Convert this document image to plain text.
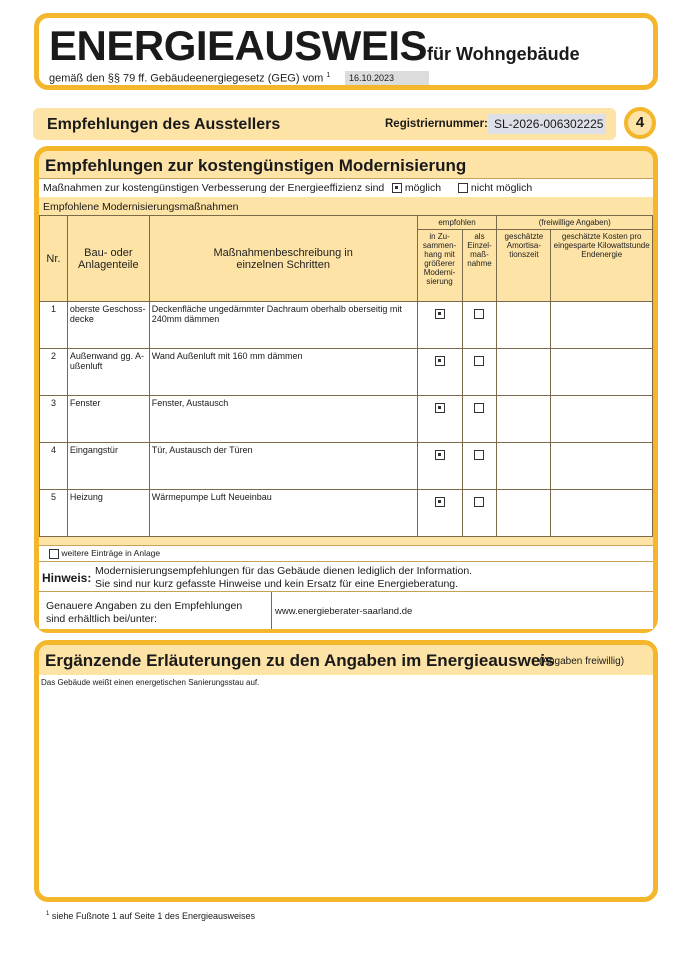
ENERGIEAUSWEIS für Wohngebäude
gemäß den §§ 79 ff. Gebäudeenergiegesetz (GEG) vom $^1$	16.10.2023
Empfehlungen des Ausstellers	Registriernummer: SL-2026-006302225	4
Empfehlungen zur kostengünstigen Modernisierung
Maßnahmen zur kostengünstigen Verbesserung der Energieeffizienz sind	möglich	nicht möglich
Empfohlene Modernisierungsmaßnahmen
Nr.	Bau- oder Anlagenteile	Maßnahmenbeschreibung in einzelnen Schritten	empfohlen		(freiwillige Angaben)	
			in Zu-sammen-hang mit größerer Moderni-sierung	als Einzel-maß-nahme	geschätzte Amortisa-tionszeit	geschätzte Kosten pro eingesparte Kilowattstunde Endenergie
1	oberste Geschoss-decke	Deckenfläche ungedämmter Dachraum oberhalb oberseitig mit 240mm dämmen				
2	Außenwand gg. A-ußenluft	Wand Außenluft mit 160 mm dämmen				
3	Fenster	Fenster, Austausch				
4	Eingangstür	Tür, Austausch der Türen				
5	Heizung	Wärmepumpe Luft Neueinbau				
weitere Einträge in Anlage
Hinweis: Modernisierungsempfehlungen für das Gebäude dienen lediglich der Information.
Sie sind nur kurz gefasste Hinweise und kein Ersatz für eine Energieberatung.
Genauere Angaben zu den Empfehlungen
sind erhältlich bei/unter:
www.energieberater-saarland.de
Ergänzende Erläuterungen zu den Angaben im Energieausweis
(Angaben freiwillig)
Das Gebäude weißt einen energetischen Sanierungsstau auf.
$^1$ siehe Fußnote 1 auf Seite 1 des Energieausweises
